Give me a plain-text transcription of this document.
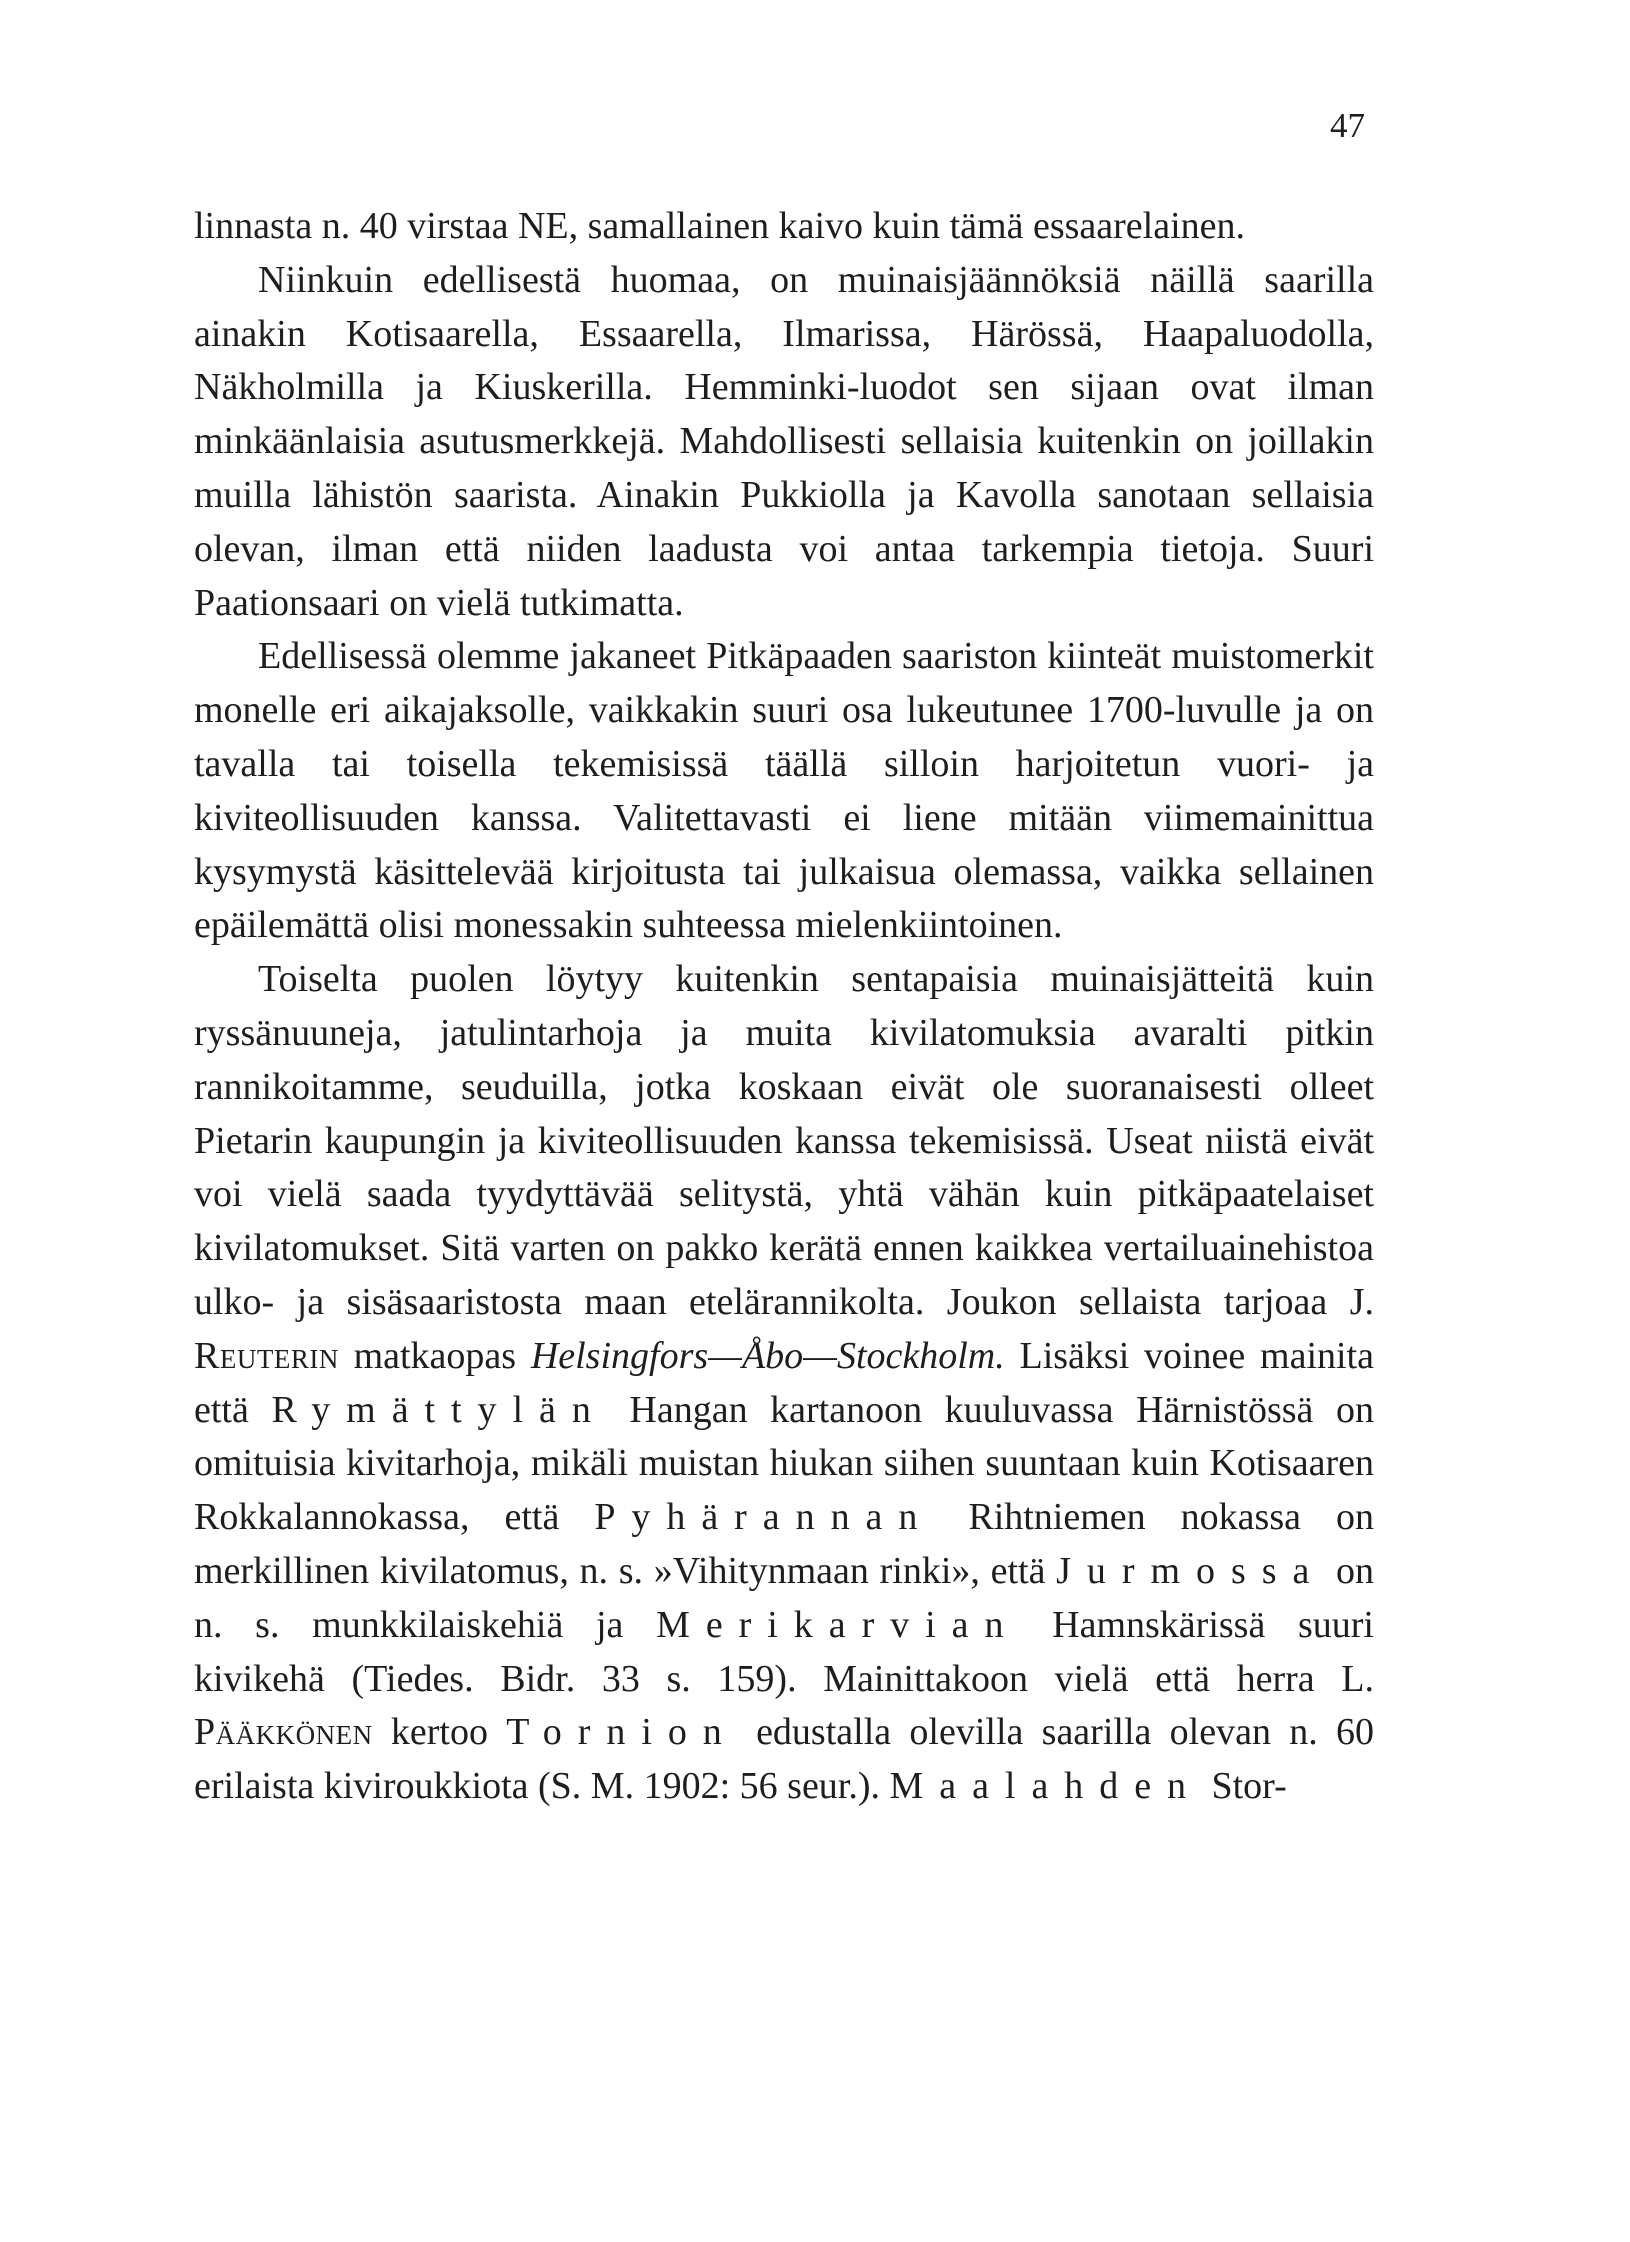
47

linnasta n. 40 virstaa NE, samallainen kaivo kuin tämä essaarelainen.

Niinkuin edellisestä huomaa, on muinaisjäännöksiä näillä saarilla ainakin Kotisaarella, Essaarella, Ilmarissa, Härössä, Haapaluodolla, Näkholmilla ja Kiuskerilla. Hemminki-luodot sen sijaan ovat ilman minkäänlaisia asutusmerkkejä. Mahdollisesti sellaisia kuitenkin on joillakin muilla lähistön saarista. Ainakin Pukkiolla ja Kavolla sanotaan sellaisia olevan, ilman että niiden laadusta voi antaa tarkempia tietoja. Suuri Paationsaari on vielä tutkimatta.

Edellisessä olemme jakaneet Pitkäpaaden saariston kiinteät muistomerkit monelle eri aikajaksolle, vaikkakin suuri osa lukeutunee 1700-luvulle ja on tavalla tai toisella tekemisissä täällä silloin harjoitetun vuori- ja kiviteollisuuden kanssa. Valitettavasti ei liene mitään viimemainittua kysymystä käsittelevää kirjoitusta tai julkaisua olemassa, vaikka sellainen epäilemättä olisi monessakin suhteessa mielenkiintoinen.

Toiselta puolen löytyy kuitenkin sentapaisia muinaisjätteitä kuin ryssänuuneja, jatulintarhoja ja muita kivilatomuksia avaralti pitkin rannikoitamme, seuduilla, jotka koskaan eivät ole suoranaisesti olleet Pietarin kaupungin ja kiviteollisuuden kanssa tekemisissä. Useat niistä eivät voi vielä saada tyydyttävää selitystä, yhtä vähän kuin pitkäpaatelaiset kivilatomukset. Sitä varten on pakko kerätä ennen kaikkea vertailuainehistoa ulko- ja sisäsaaristosta maan etelärannikolta. Joukon sellaista tarjoaa J. Reuterin matkaopas Helsingfors—Åbo—Stockholm. Lisäksi voinee mainita että Rymättylän Hangan kartanoon kuuluvassa Härnistössä on omituisia kivitarhoja, mikäli muistan hiukan siihen suuntaan kuin Kotisaaren Rokkalannokassa, että Pyhärannan Rihtniemen nokassa on merkillinen kivilatomus, n. s. »Vihitynmaan rinki», että Jurmossa on n. s. munkkilaiskehiä ja Merikarvian Hamnskärissä suuri kivikehä (Tiedes. Bidr. 33 s. 159). Mainittakoon vielä että herra L. Pääkkönen kertoo Tornion edustalla olevilla saarilla olevan n. 60 erilaista kiviroukkiota (S. M. 1902: 56 seur.). Maalahden Stor-
